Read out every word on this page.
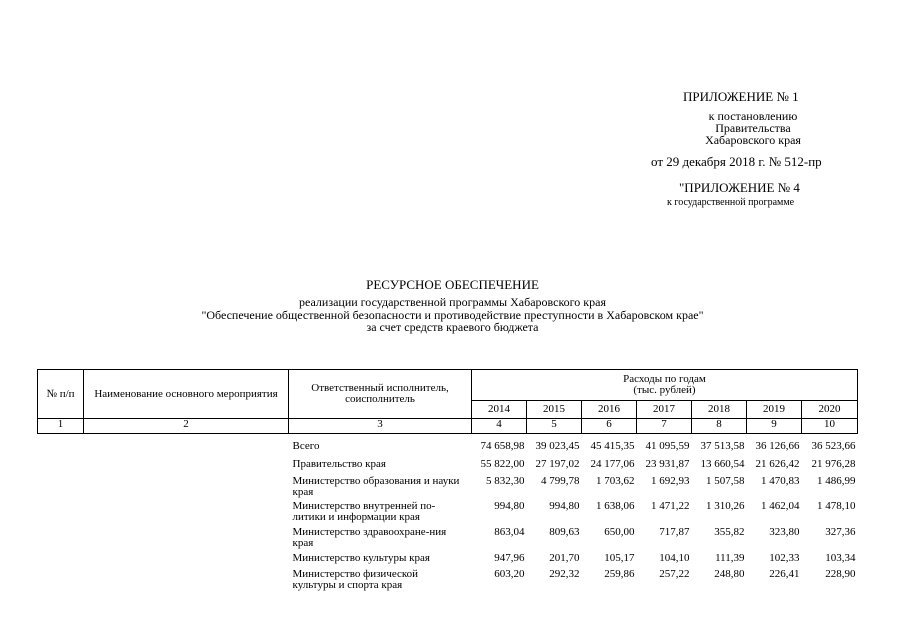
ПРИЛОЖЕНИЕ № 1
к постановлению
Правительства
Хабаровского края
от 29 декабря 2018 г. № 512-пр
"ПРИЛОЖЕНИЕ № 4
к государственной программе
РЕСУРСНОЕ ОБЕСПЕЧЕНИЕ
реализации государственной программы Хабаровского края
"Обеспечение общественной безопасности и противодействие преступности в Хабаровском крае"
за счет средств краевого бюджета
№ п/п	Наименование основного мероприятия	Ответственный исполнитель, соисполнитель	Расходы по годам
(тыс. рублей)						

			2014	2015	2016	2017	2018	2019	2020
1	2	3	4	5	6	7	8	9	10

		Всего	74 658,98	39 023,45	45 415,35	41 095,59	37 513,58	36 126,66	36 523,66
		Правительство края	55 822,00	27 197,02	24 177,06	23 931,87	13 660,54	21 626,42	21 976,28
		Министерство образования и науки края	5 832,30	4 799,78	1 703,62	1 692,93	1 507,58	1 470,83	1 486,99
		Министерство внутренней по-литики и информации края	994,80	994,80	1 638,06	1 471,22	1 310,26	1 462,04	1 478,10
		Министерство здравоохране-ния края	863,04	809,63	650,00	717,87	355,82	323,80	327,36
		Министерство культуры края	947,96	201,70	105,17	104,10	111,39	102,33	103,34
		Министерство физической культуры и спорта края	603,20	292,32	259,86	257,22	248,80	226,41	228,90
